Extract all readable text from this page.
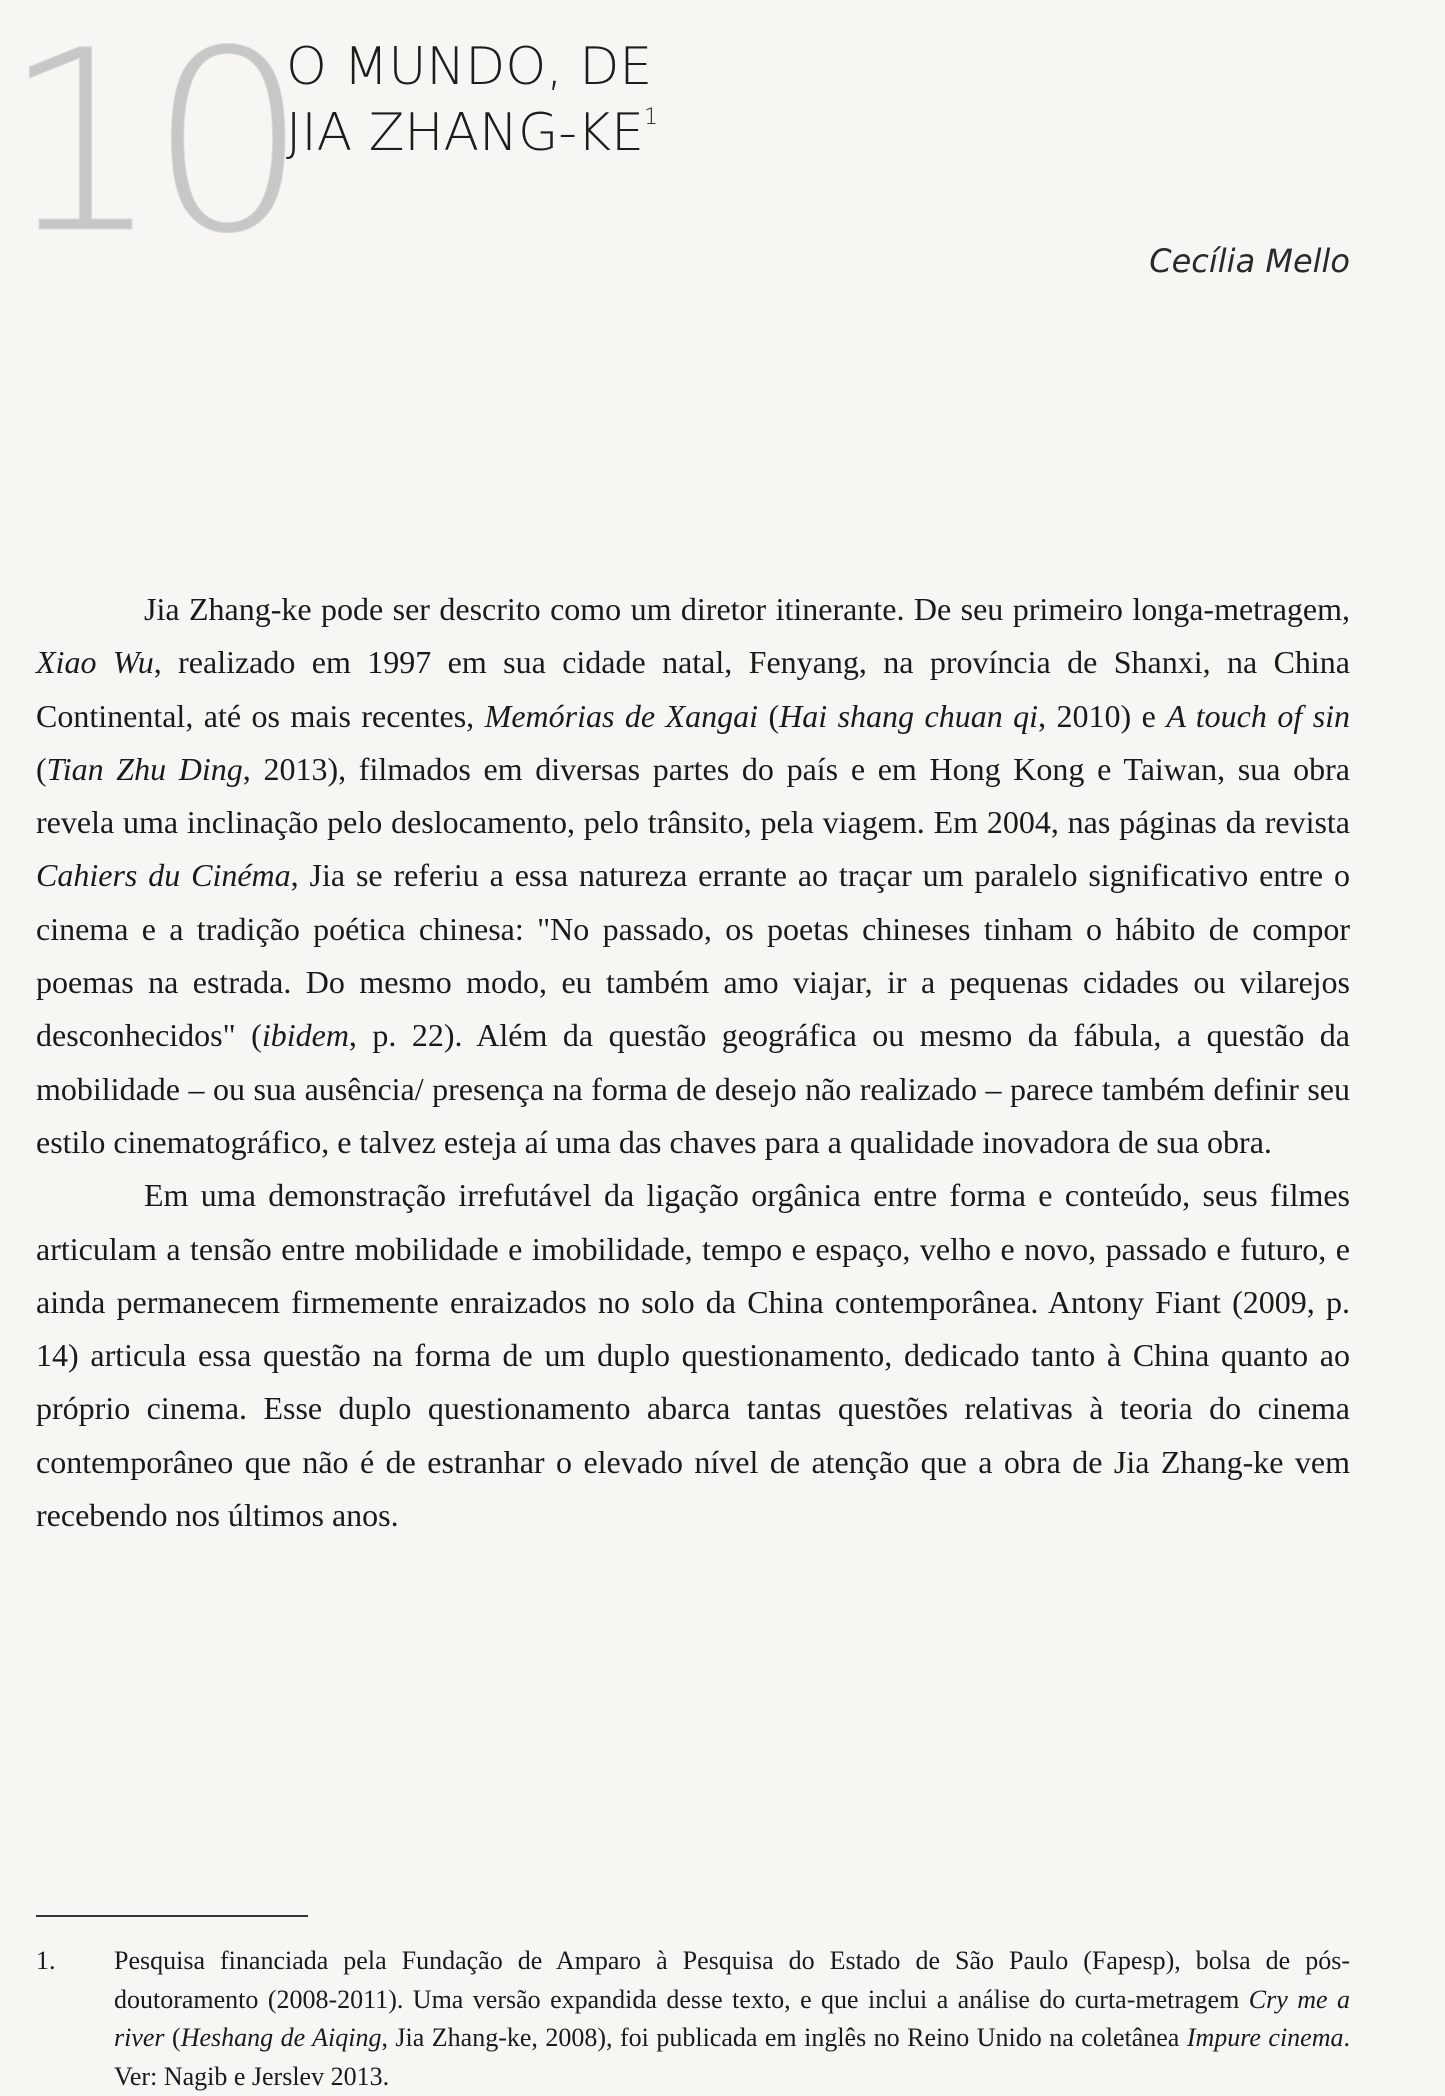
10
O MUNDO, DE
JIA ZHANG-$KE^1$
Cecília Mello

Jia Zhang-ke pode ser descrito como um diretor itinerante. De seu primeiro longa-metragem, Xiao Wu, realizado em 1997 em sua cidade natal, Fenyang, na província de Shanxi, na China Continental, até os mais recentes, Memórias de Xangai (Hai shang chuan qi, 2010) e A touch of sin (Tian Zhu Ding, 2013), filmados em diversas partes do país e em Hong Kong e Taiwan, sua obra revela uma inclinação pelo deslocamento, pelo trânsito, pela viagem. Em 2004, nas páginas da revista Cahiers du Cinéma, Jia se referiu a essa natureza errante ao traçar um paralelo significativo entre o cinema e a tradição poética chinesa: "No passado, os poetas chineses tinham o hábito de compor poemas na estrada. Do mesmo modo, eu também amo viajar, ir a pequenas cidades ou vilarejos desconhecidos" (ibidem, p. 22). Além da questão geográfica ou mesmo da fábula, a questão da mobilidade – ou sua ausência/ presença na forma de desejo não realizado – parece também definir seu estilo cinematográfico, e talvez esteja aí uma das chaves para a qualidade inovadora de sua obra.

Em uma demonstração irrefutável da ligação orgânica entre forma e conteúdo, seus filmes articulam a tensão entre mobilidade e imobilidade, tempo e espaço, velho e novo, passado e futuro, e ainda permanecem firmemente enraizados no solo da China contemporânea. Antony Fiant (2009, p. 14) articula essa questão na forma de um duplo questionamento, dedicado tanto à China quanto ao próprio cinema. Esse duplo questionamento abarca tantas questões relativas à teoria do cinema contemporâneo que não é de estranhar o elevado nível de atenção que a obra de Jia Zhang-ke vem recebendo nos últimos anos.

1. Pesquisa financiada pela Fundação de Amparo à Pesquisa do Estado de São Paulo (Fapesp), bolsa de pós-doutoramento (2008-2011). Uma versão expandida desse texto, e que inclui a análise do curta-metragem Cry me a river (Heshang de Aiqing, Jia Zhang-ke, 2008), foi publicada em inglês no Reino Unido na coletânea Impure cinema. Ver: Nagib e Jerslev 2013.
